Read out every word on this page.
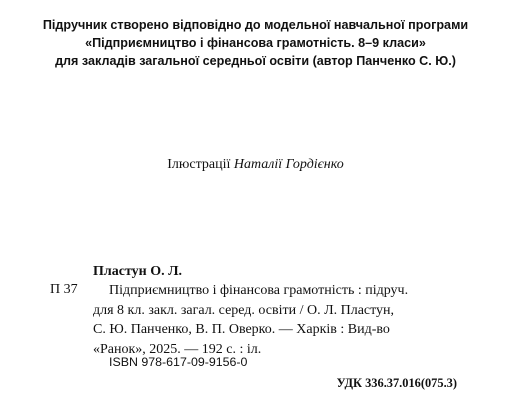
Підручник створено відповідно до модельної навчальної програми
«Підприємництво і фінансова грамотність. 8–9 класи»
для закладів загальної середньої освіти (автор Панченко С. Ю.)
Ілюстрації Наталії Гордієнко
Пластун О. Л.
П 37 Підприємництво і фінансова грамотність : підруч.
для 8 кл. закл. загал. серед. освіти / О. Л. Пластун,
С. Ю. Панченко, В. П. Оверко. — Харків : Вид-во
«Ранок», 2025. — 192 с. : іл.
ISBN 978-617-09-9156-0
УДК 336.37.016(075.3)
